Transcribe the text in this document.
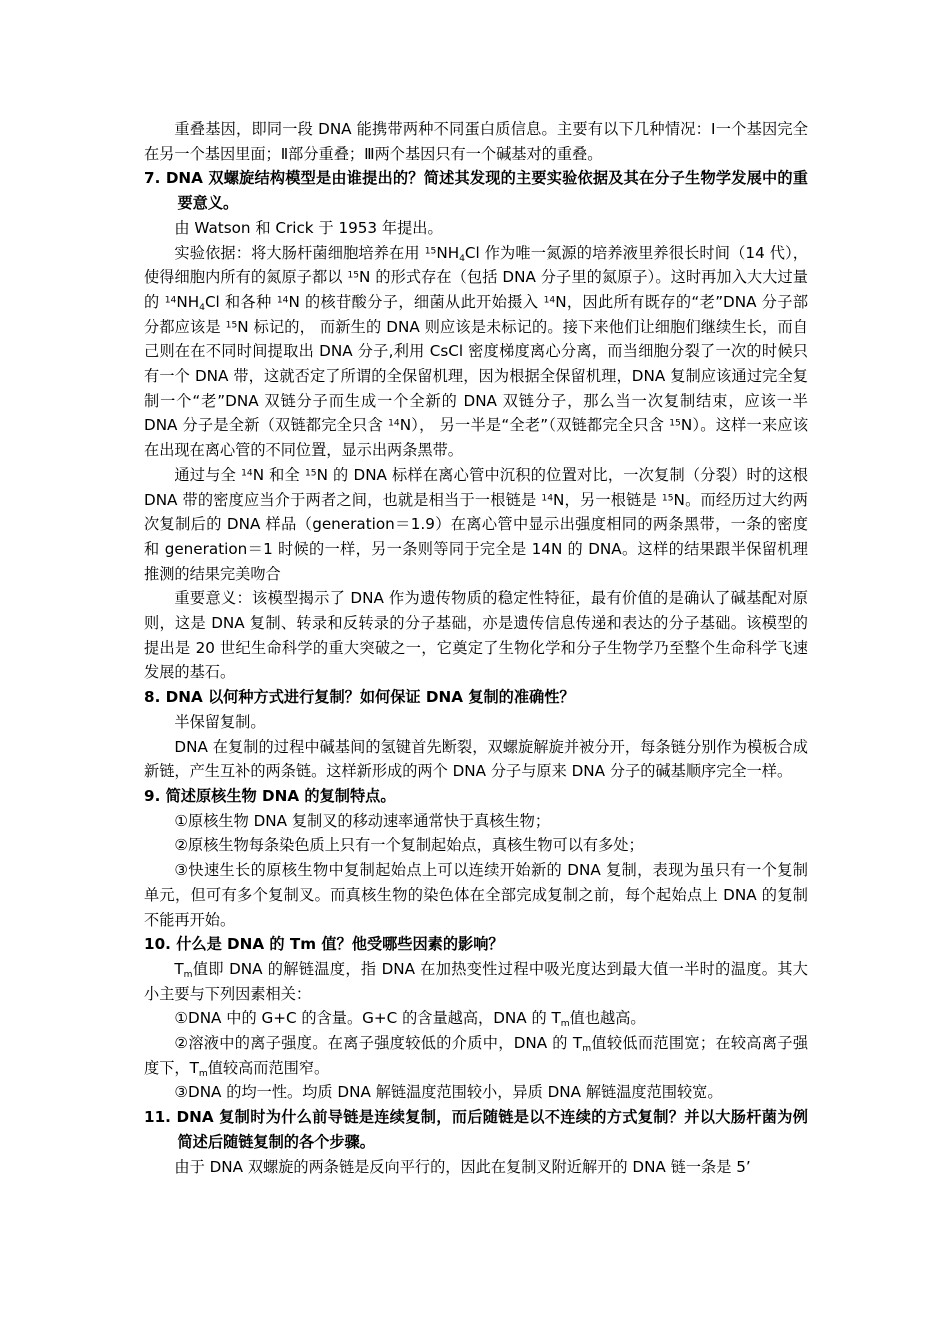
重叠基因，即同一段 DNA 能携带两种不同蛋白质信息。主要有以下几种情况：Ⅰ一个基因完全在另一个基因里面；Ⅱ部分重叠；Ⅲ两个基因只有一个碱基对的重叠。

7. DNA 双螺旋结构模型是由谁提出的？简述其发现的主要实验依据及其在分子生物学发展中的重要意义。

由 Watson 和 Crick 于 1953 年提出。

实验依据：将大肠杆菌细胞培养在用 $^{15}NH_4Cl$ 作为唯一氮源的培养液里养很长时间（14 代），使得细胞内所有的氮原子都以 $^{15}$N 的形式存在（包括 DNA 分子里的氮原子）。这时再加入大大过量的 $^{14}NH_4Cl$ 和各种 $^{14}$N 的核苷酸分子，细菌从此开始摄入 $^{14}$N，因此所有既存的“老”DNA 分子部分都应该是 $^{15}$N 标记的， 而新生的 DNA 则应该是未标记的。接下来他们让细胞们继续生长，而自己则在在不同时间提取出 DNA 分子,利用 CsCl 密度梯度离心分离，而当细胞分裂了一次的时候只有一个 DNA 带，这就否定了所谓的全保留机理，因为根据全保留机理，DNA 复制应该通过完全复制一个“老”DNA 双链分子而生成一个全新的 DNA 双链分子，那么当一次复制结束，应该一半 DNA 分子是全新（双链都完全只含 $^{14}$N）， 另一半是“全老”（双链都完全只含 $^{15}$N）。这样一来应该在出现在离心管的不同位置，显示出两条黑带。

通过与全 $^{14}$N 和全 $^{15}$N 的 DNA 标样在离心管中沉积的位置对比，一次复制（分裂）时的这根 DNA 带的密度应当介于两者之间，也就是相当于一根链是 $^{14}$N，另一根链是 $^{15}$N。而经历过大约两次复制后的 DNA 样品（generation＝1.9）在离心管中显示出强度相同的两条黑带，一条的密度和 generation＝1 时候的一样，另一条则等同于完全是 14N 的 DNA。这样的结果跟半保留机理推测的结果完美吻合

重要意义：该模型揭示了 DNA 作为遗传物质的稳定性特征，最有价值的是确认了碱基配对原则，这是 DNA 复制、转录和反转录的分子基础，亦是遗传信息传递和表达的分子基础。该模型的提出是 20 世纪生命科学的重大突破之一，它奠定了生物化学和分子生物学乃至整个生命科学飞速发展的基石。

8. DNA 以何种方式进行复制？如何保证 DNA 复制的准确性？

半保留复制。

DNA 在复制的过程中碱基间的氢键首先断裂，双螺旋解旋并被分开，每条链分别作为模板合成新链，产生互补的两条链。这样新形成的两个 DNA 分子与原来 DNA 分子的碱基顺序完全一样。

9. 简述原核生物 DNA 的复制特点。

①原核生物 DNA 复制叉的移动速率通常快于真核生物；

②原核生物每条染色质上只有一个复制起始点，真核生物可以有多处；

③快速生长的原核生物中复制起始点上可以连续开始新的 DNA 复制，表现为虽只有一个复制单元，但可有多个复制叉。而真核生物的染色体在全部完成复制之前，每个起始点上 DNA 的复制不能再开始。

10. 什么是 DNA 的 Tm 值？他受哪些因素的影响？

$T_m$值即 DNA 的解链温度，指 DNA 在加热变性过程中吸光度达到最大值一半时的温度。其大小主要与下列因素相关：

①DNA 中的 G+C 的含量。G+C 的含量越高，DNA 的 $T_m$值也越高。

②溶液中的离子强度。在离子强度较低的介质中，DNA 的 $T_m$值较低而范围宽；在较高离子强度下，$T_m$值较高而范围窄。

③DNA 的均一性。均质 DNA 解链温度范围较小，异质 DNA 解链温度范围较宽。

11. DNA 复制时为什么前导链是连续复制，而后随链是以不连续的方式复制？并以大肠杆菌为例简述后随链复制的各个步骤。

由于 DNA 双螺旋的两条链是反向平行的，因此在复制叉附近解开的 DNA 链一条是 5’
